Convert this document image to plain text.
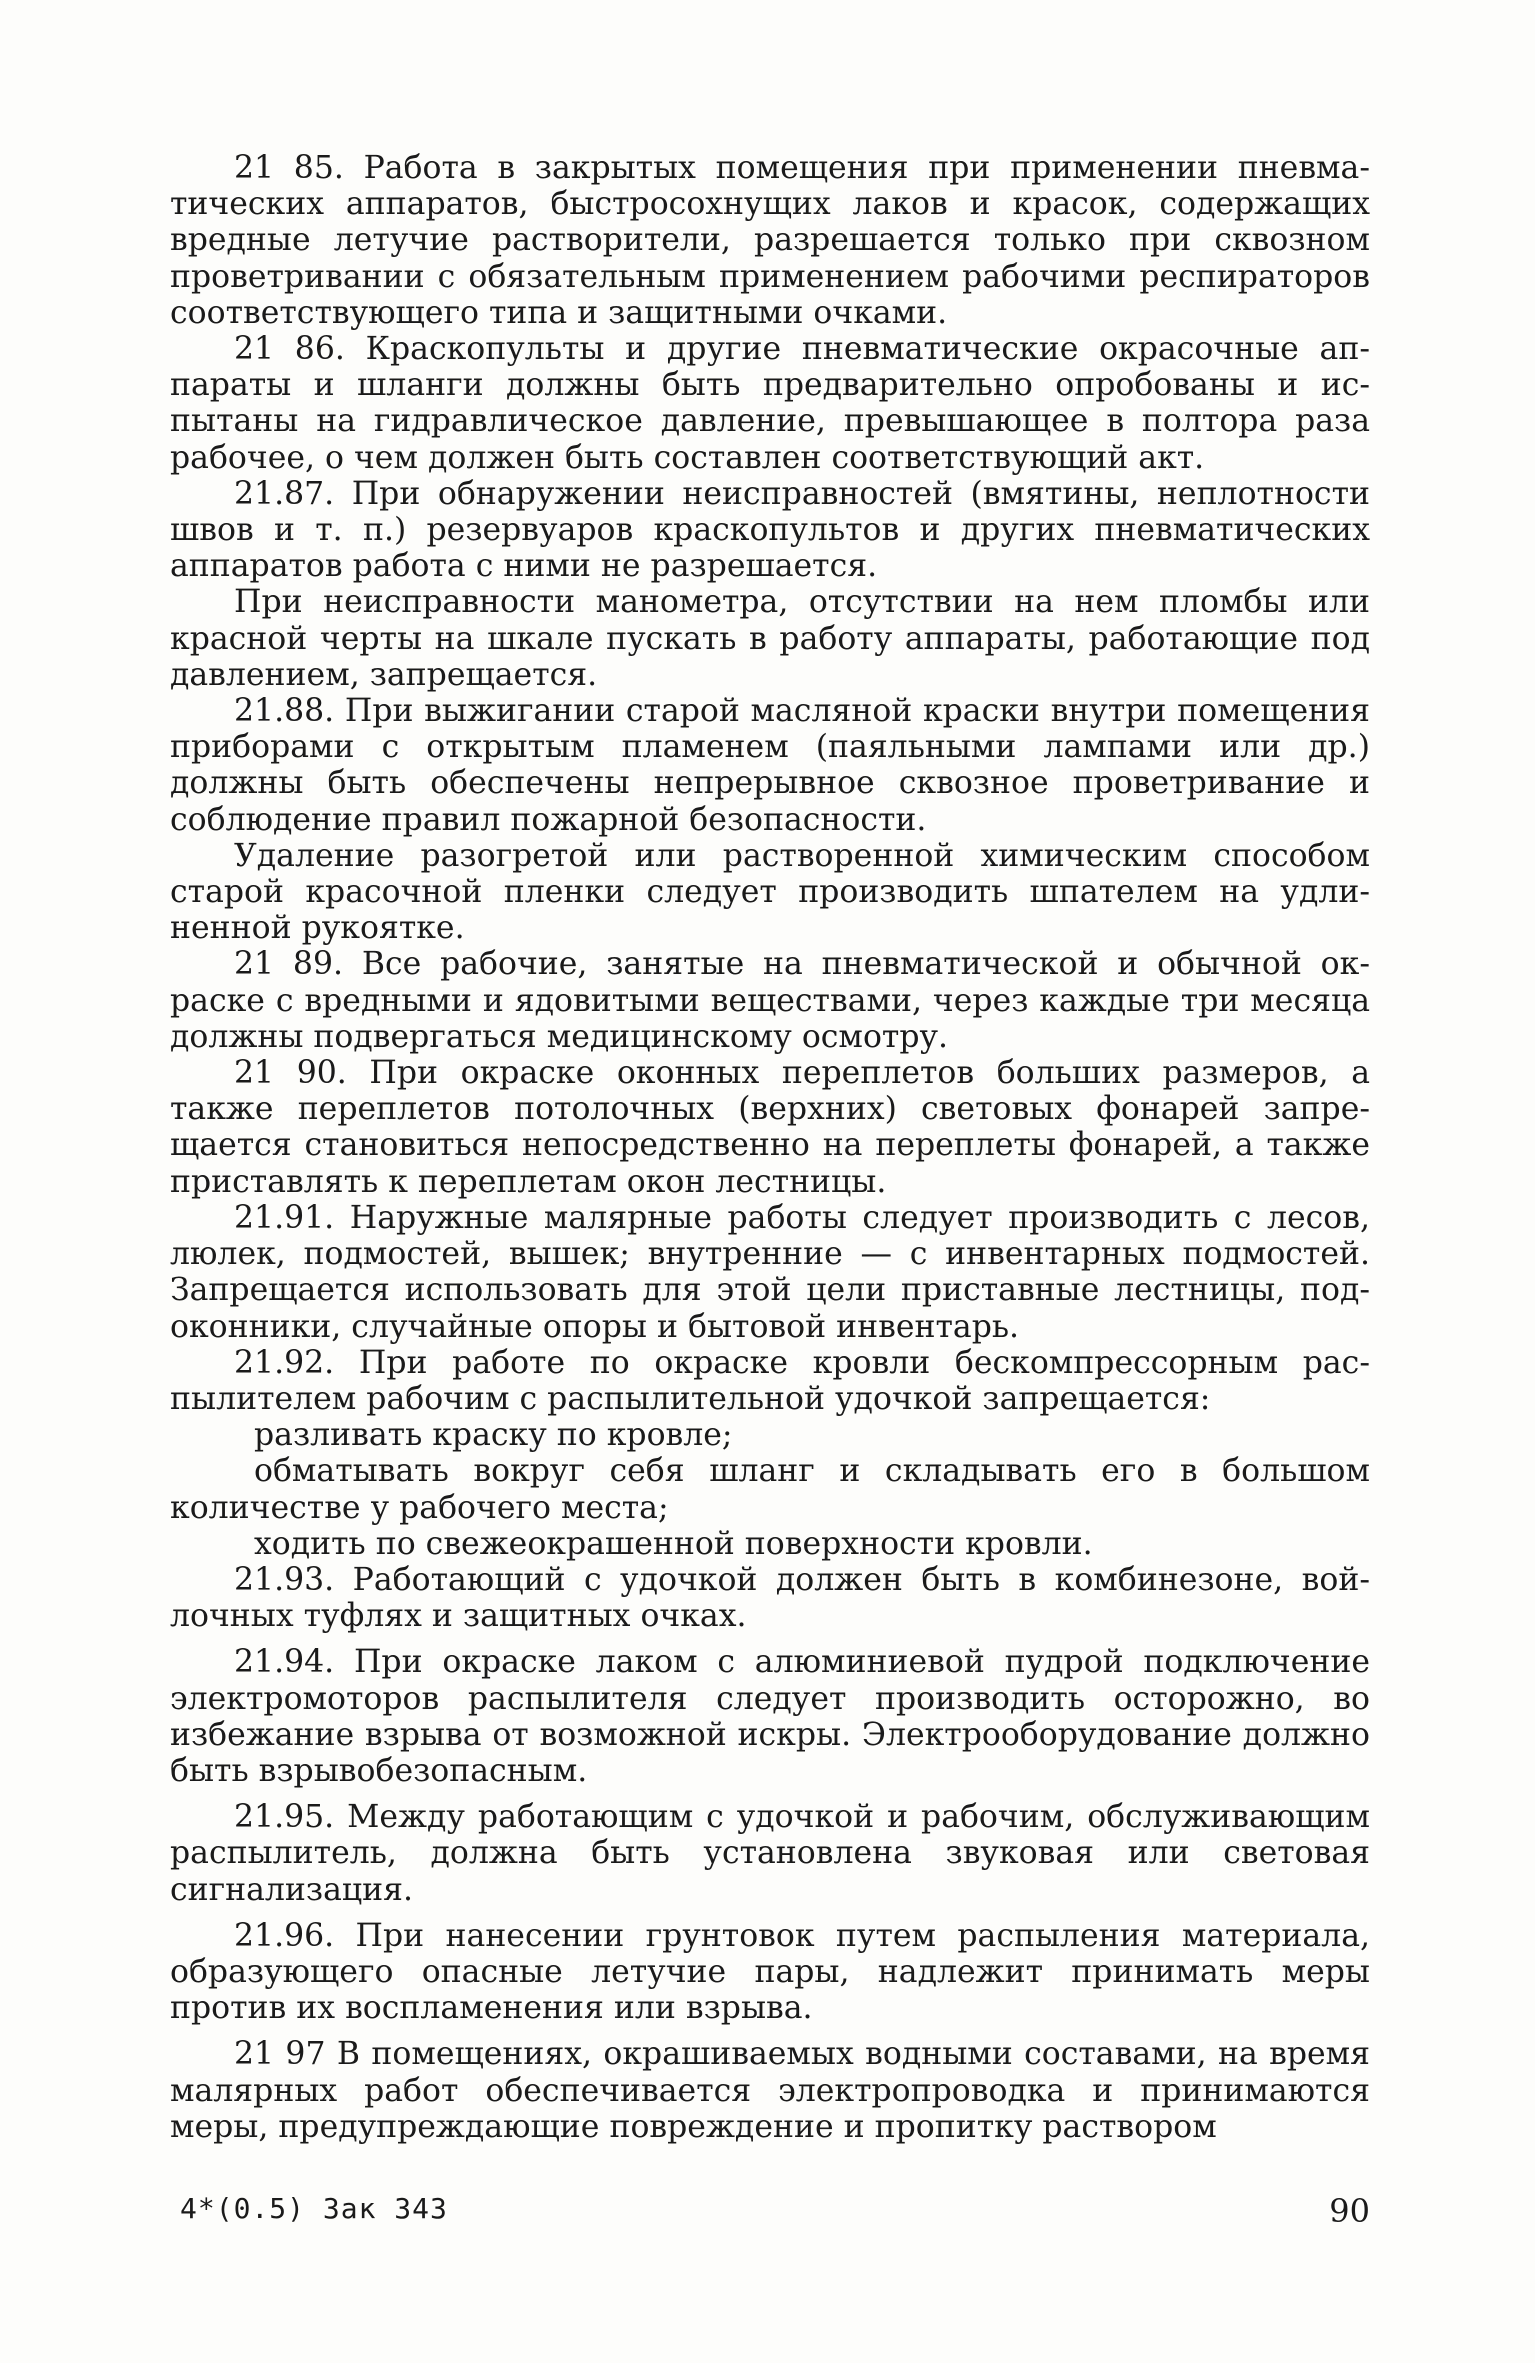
21 85. Работа в закрытых помещения при применении пневматических аппаратов, быстросохнущих лаков и красок, содержащих вредные летучие растворители, разрешается только при сквозном проветривании с обязательным применением рабочими респираторов соответствующего типа и защитными очками.

21 86. Краскопульты и другие пневматические окрасочные аппараты и шланги должны быть предварительно опробованы и испытаны на гидравлическое давление, превышающее в полтора раза рабочее, о чем должен быть составлен соответствующий акт.

21.87. При обнаружении неисправностей (вмятины, неплотности швов и т. п.) резервуаров краскопультов и других пневматических аппаратов работа с ними не разрешается.

При неисправности манометра, отсутствии на нем пломбы или красной черты на шкале пускать в работу аппараты, работающие под давлением, запрещается.

21.88. При выжигании старой масляной краски внутри помещения приборами с открытым пламенем (паяльными лампами или др.) должны быть обеспечены непрерывное сквозное проветривание и соблюдение правил пожарной безопасности.

Удаление разогретой или растворенной химическим способом старой красочной пленки следует производить шпателем на удлиненной рукоятке.

21 89. Все рабочие, занятые на пневматической и обычной окраске с вредными и ядовитыми веществами, через каждые три месяца должны подвергаться медицинскому осмотру.

21 90. При окраске оконных переплетов больших размеров, а также переплетов потолочных (верхних) световых фонарей запрещается становиться непосредственно на переплеты фонарей, а также приставлять к переплетам окон лестницы.

21.91. Наружные малярные работы следует производить с лесов, люлек, подмостей, вышек; внутренние — с инвентарных подмостей. Запрещается использовать для этой цели приставные лестницы, подоконники, случайные опоры и бытовой инвентарь.

21.92. При работе по окраске кровли бескомпрессорным распылителем рабочим с распылительной удочкой запрещается:

разливать краску по кровле;

обматывать вокруг себя шланг и складывать его в большом количестве у рабочего места;

ходить по свежеокрашенной поверхности кровли.

21.93. Работающий с удочкой должен быть в комбинезоне, войлочных туфлях и защитных очках.

21.94. При окраске лаком с алюминиевой пудрой подключение электромоторов распылителя следует производить осторожно, во избежание взрыва от возможной искры. Электрооборудование должно быть взрывобезопасным.

21.95. Между работающим с удочкой и рабочим, обслуживающим распылитель, должна быть установлена звуковая или световая сигнализация.

21.96. При нанесении грунтовок путем распыления материала, образующего опасные летучие пары, надлежит принимать меры против их воспламенения или взрыва.

21 97 В помещениях, окрашиваемых водными составами, на время малярных работ обеспечивается электропроводка и принимаются меры, предупреждающие повреждение и пропитку раствором

4*(0.5) Зак 343	90
